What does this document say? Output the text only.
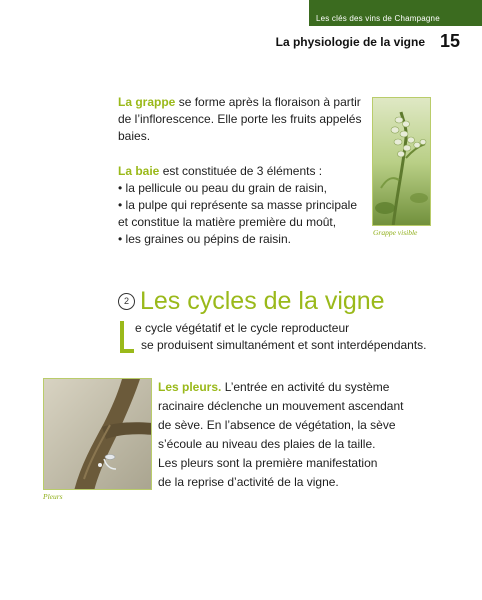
Les clés des vins de Champagne
La physiologie de la vigne 15

La grappe se forme après la floraison à partir

de l’inflorescence. Elle porte les fruits appelés

baies.

La baie est constituée de 3 éléments :

• la pellicule ou peau du grain de raisin,

• la pulpe qui représente sa masse principale

et constitue la matière première du moût,

• les graines ou pépins de raisin.	Grappe visible
2 Les cycles de la vigne

e cycle végétatif et le cycle reproducteur

se produisent simultanément et sont interdépendants.

Pleurs

Les pleurs. L’entrée en activité du système

racinaire déclenche un mouvement ascendant

de sève. En l’absence de végétation, la sève

s’écoule au niveau des plaies de la taille.

Les pleurs sont la première manifestation

de la reprise d’activité de la vigne.
